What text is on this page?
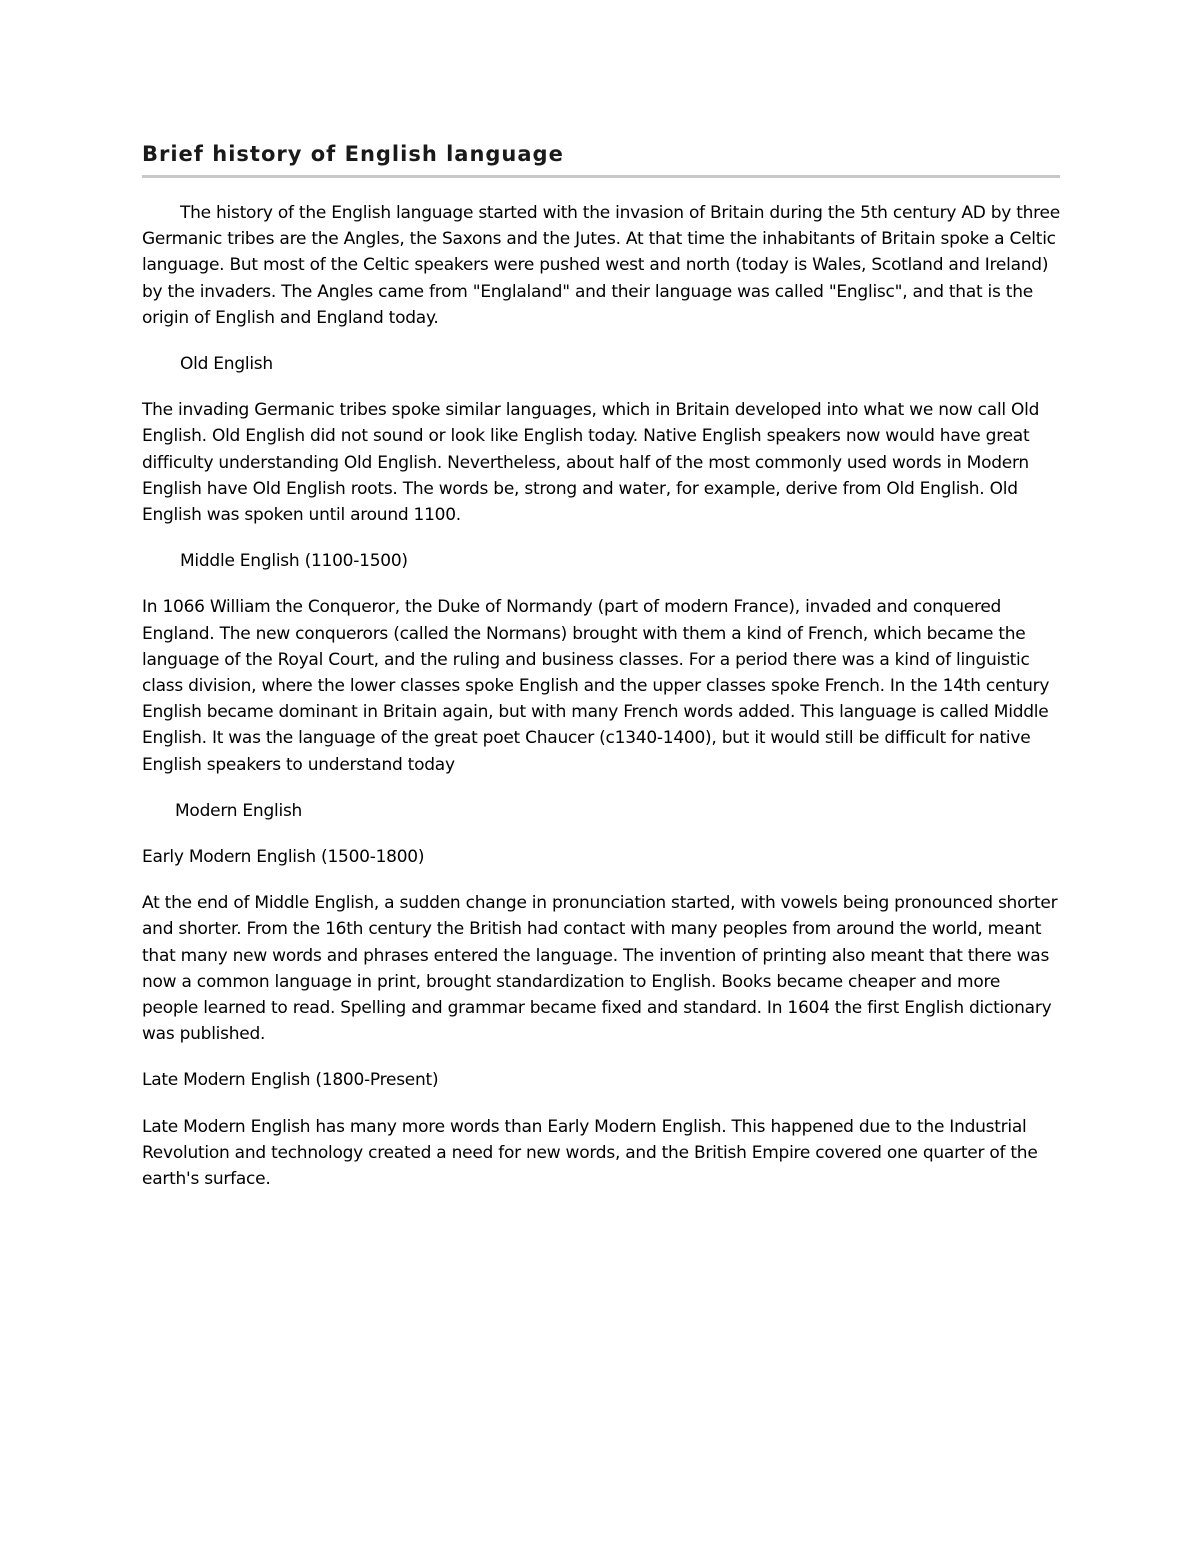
Brief history of English language

The history of the English language started with the invasion of Britain during the 5th century AD by three Germanic tribes are the Angles, the Saxons and the Jutes. At that time the inhabitants of Britain spoke a Celtic language. But most of the Celtic speakers were pushed west and north (today is Wales, Scotland and Ireland) by the invaders. The Angles came from "Englaland" and their language was called "Englisc", and that is the origin of English and England today.

Old English

The invading Germanic tribes spoke similar languages, which in Britain developed into what we now call Old English. Old English did not sound or look like English today. Native English speakers now would have great difficulty understanding Old English. Nevertheless, about half of the most commonly used words in Modern English have Old English roots. The words be, strong and water, for example, derive from Old English. Old English was spoken until around 1100.

Middle English (1100-1500)

In 1066 William the Conqueror, the Duke of Normandy (part of modern France), invaded and conquered England. The new conquerors (called the Normans) brought with them a kind of French, which became the language of the Royal Court, and the ruling and business classes. For a period there was a kind of linguistic class division, where the lower classes spoke English and the upper classes spoke French. In the 14th century English became dominant in Britain again, but with many French words added. This language is called Middle English. It was the language of the great poet Chaucer (c1340-1400), but it would still be difficult for native English speakers to understand today

Modern English

Early Modern English (1500-1800)

At the end of Middle English, a sudden change in pronunciation started, with vowels being pronounced shorter and shorter. From the 16th century the British had contact with many peoples from around the world, meant that many new words and phrases entered the language. The invention of printing also meant that there was now a common language in print, brought standardization to English. Books became cheaper and more people learned to read. Spelling and grammar became fixed and standard. In 1604 the first English dictionary was published.

Late Modern English (1800-Present)

Late Modern English has many more words than Early Modern English. This happened due to the Industrial Revolution and technology created a need for new words, and the British Empire covered one quarter of the earth's surface.
